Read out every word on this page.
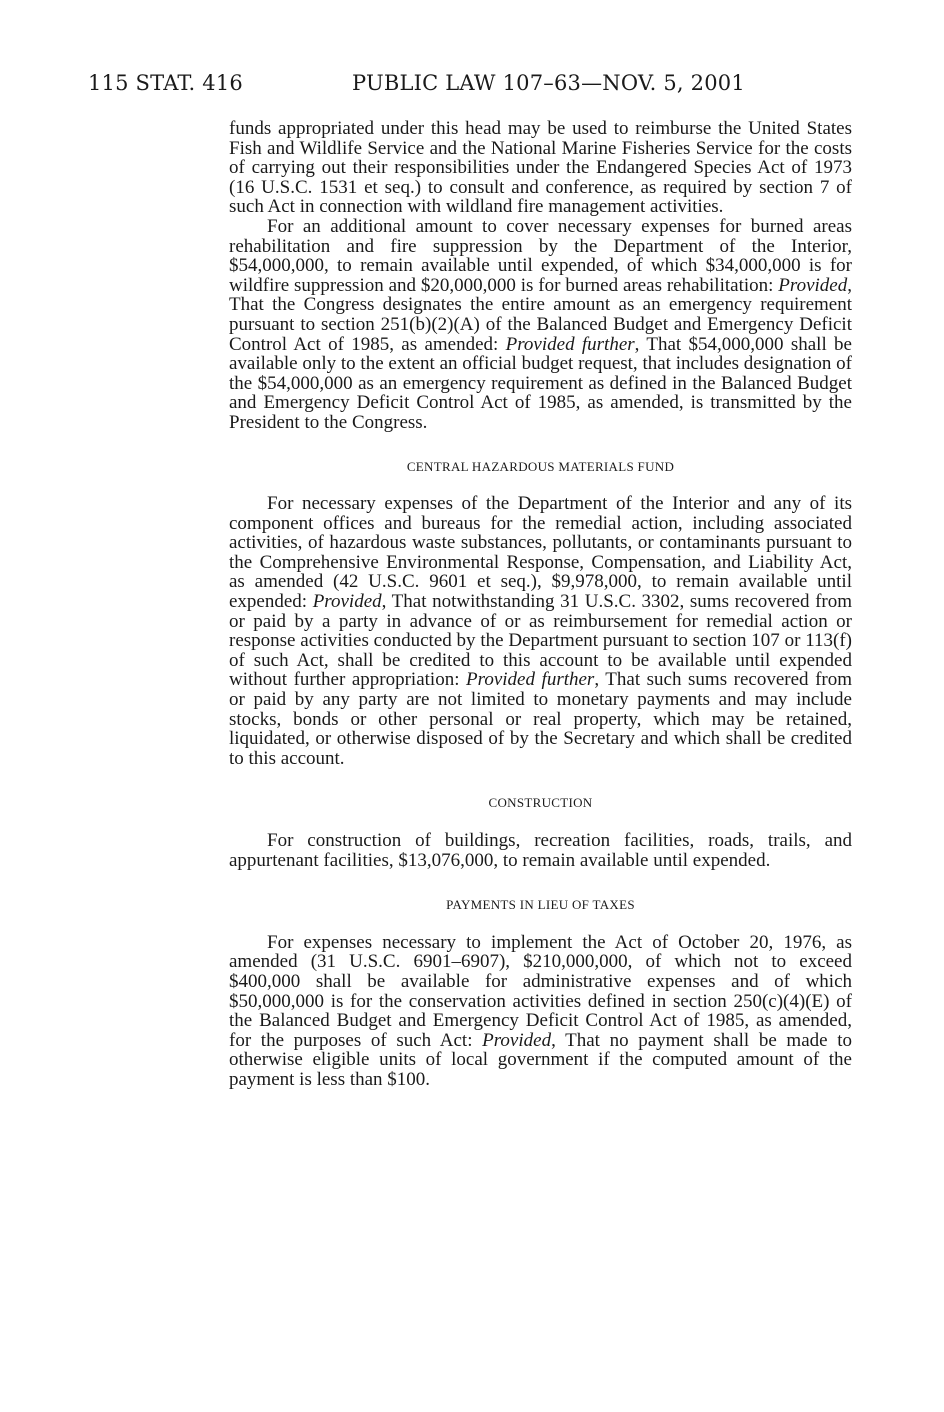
115 STAT. 416	PUBLIC LAW 107–63—NOV. 5, 2001

funds appropriated under this head may be used to reimburse the United States Fish and Wildlife Service and the National Marine Fisheries Service for the costs of carrying out their responsibilities under the Endangered Species Act of 1973 (16 U.S.C. 1531 et seq.) to consult and conference, as required by section 7 of such Act in connection with wildland fire management activities.

For an additional amount to cover necessary expenses for burned areas rehabilitation and fire suppression by the Department of the Interior, $54,000,000, to remain available until expended, of which $34,000,000 is for wildfire suppression and $20,000,000 is for burned areas rehabilitation: Provided, That the Congress designates the entire amount as an emergency requirement pursuant to section 251(b)(2)(A) of the Balanced Budget and Emergency Deficit Control Act of 1985, as amended: Provided further, That $54,000,000 shall be available only to the extent an official budget request, that includes designation of the $54,000,000 as an emergency requirement as defined in the Balanced Budget and Emergency Deficit Control Act of 1985, as amended, is transmitted by the President to the Congress.

CENTRAL HAZARDOUS MATERIALS FUND

For necessary expenses of the Department of the Interior and any of its component offices and bureaus for the remedial action, including associated activities, of hazardous waste substances, pollutants, or contaminants pursuant to the Comprehensive Environmental Response, Compensation, and Liability Act, as amended (42 U.S.C. 9601 et seq.), $9,978,000, to remain available until expended: Provided, That notwithstanding 31 U.S.C. 3302, sums recovered from or paid by a party in advance of or as reimbursement for remedial action or response activities conducted by the Department pursuant to section 107 or 113(f) of such Act, shall be credited to this account to be available until expended without further appropriation: Provided further, That such sums recovered from or paid by any party are not limited to monetary payments and may include stocks, bonds or other personal or real property, which may be retained, liquidated, or otherwise disposed of by the Secretary and which shall be credited to this account.

CONSTRUCTION

For construction of buildings, recreation facilities, roads, trails, and appurtenant facilities, $13,076,000, to remain available until expended.

PAYMENTS IN LIEU OF TAXES

For expenses necessary to implement the Act of October 20, 1976, as amended (31 U.S.C. 6901–6907), $210,000,000, of which not to exceed $400,000 shall be available for administrative expenses and of which $50,000,000 is for the conservation activities defined in section 250(c)(4)(E) of the Balanced Budget and Emergency Deficit Control Act of 1985, as amended, for the purposes of such Act: Provided, That no payment shall be made to otherwise eligible units of local government if the computed amount of the payment is less than $100.
